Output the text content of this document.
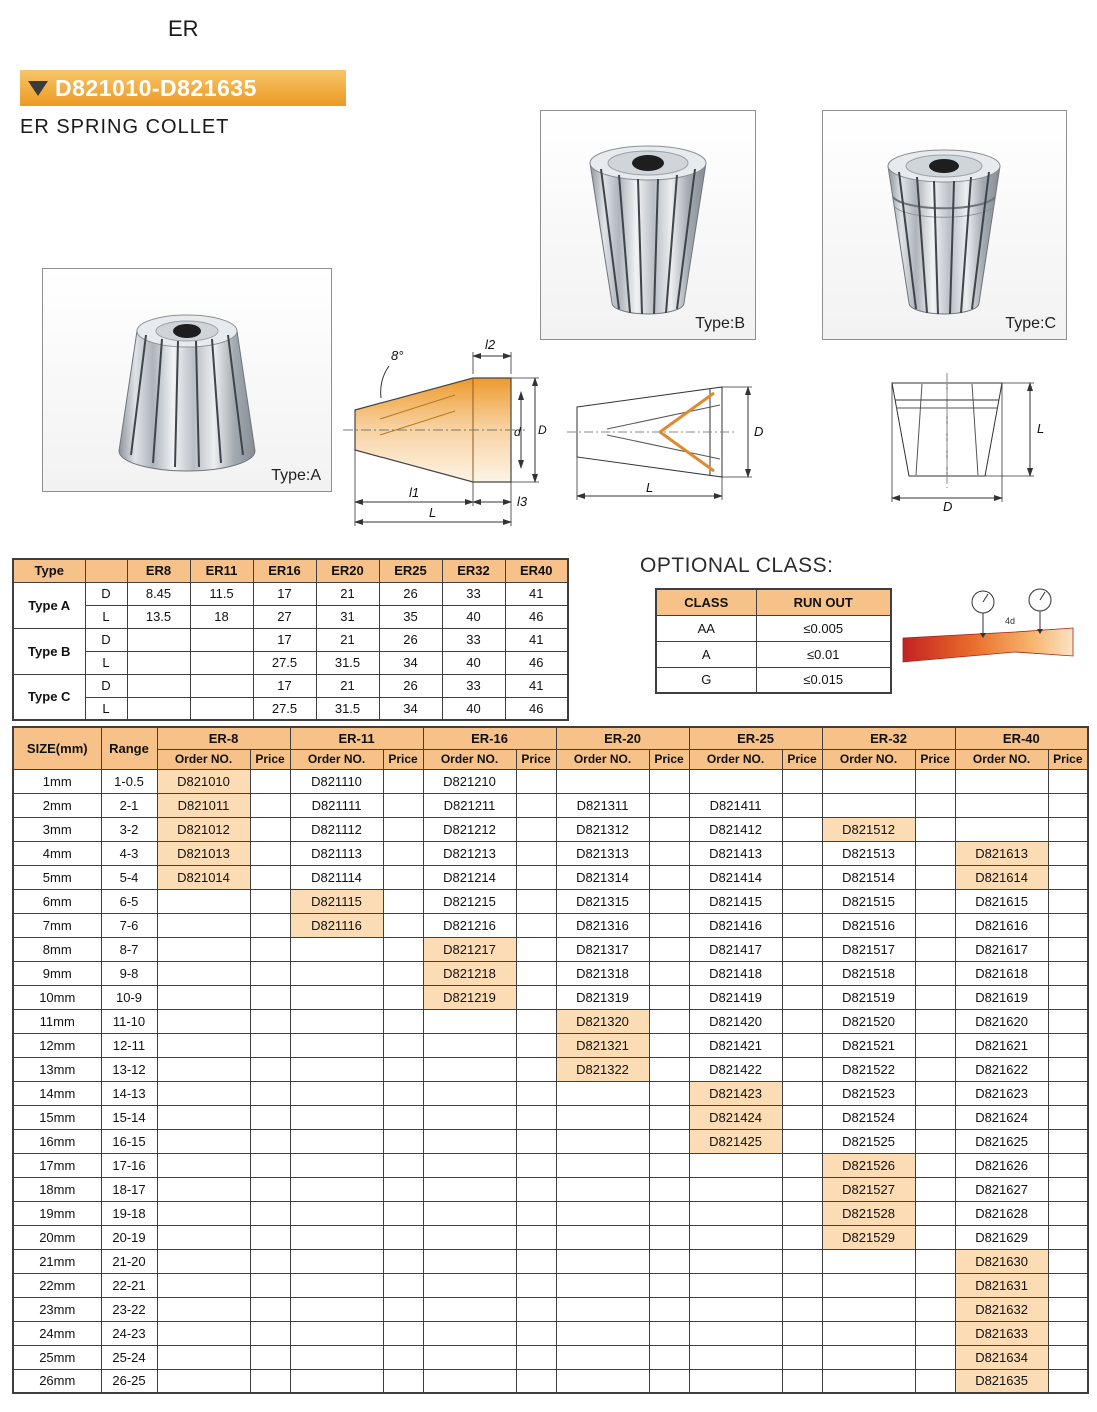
ER
D821010-D821635
ER SPRING COLLET
Type:A
Type:B	Type:C
8°
l2
d D
l1
l3
L
D
L
L
D
Type		ER8	ER11	ER16	ER20	ER25	ER32	ER40
Type A	D	8.45	11.5	17	21	26	33	41
	L	13.5	18	27	31	35	40	46
Type B	D			17	21	26	33	41
	L			27.5	31.5	34	40	46
Type C	D			17	21	26	33	41
	L			27.5	31.5	34	40	46
OPTIONAL CLASS:
CLASS	RUN OUT
AA	≤0.005
A	≤0.01
G	≤0.015
4d
SIZE(mm)	Range	ER-8		ER-11		ER-16		ER-20		ER-25		ER-32		ER-40	
		Order NO.	Price	Order NO.	Price	Order NO.	Price	Order NO.	Price	Order NO.	Price	Order NO.	Price	Order NO.	Price
1mm	1-0.5	D821010		D821110		D821210									
2mm	2-1	D821011		D821111		D821211		D821311		D821411					
3mm	3-2	D821012		D821112		D821212		D821312		D821412		D821512			
4mm	4-3	D821013		D821113		D821213		D821313		D821413		D821513		D821613	
5mm	5-4	D821014		D821114		D821214		D821314		D821414		D821514		D821614	
6mm	6-5			D821115		D821215		D821315		D821415		D821515		D821615	
7mm	7-6			D821116		D821216		D821316		D821416		D821516		D821616	
8mm	8-7					D821217		D821317		D821417		D821517		D821617	
9mm	9-8					D821218		D821318		D821418		D821518		D821618	
10mm	10-9					D821219		D821319		D821419		D821519		D821619	
11mm	11-10							D821320		D821420		D821520		D821620	
12mm	12-11							D821321		D821421		D821521		D821621	
13mm	13-12							D821322		D821422		D821522		D821622	
14mm	14-13									D821423		D821523		D821623	
15mm	15-14									D821424		D821524		D821624	
16mm	16-15									D821425		D821525		D821625	
17mm	17-16											D821526		D821626	
18mm	18-17											D821527		D821627	
19mm	19-18											D821528		D821628	
20mm	20-19											D821529		D821629	
21mm	21-20													D821630	
22mm	22-21													D821631	
23mm	23-22													D821632	
24mm	24-23													D821633	
25mm	25-24													D821634	
26mm	26-25													D821635	
